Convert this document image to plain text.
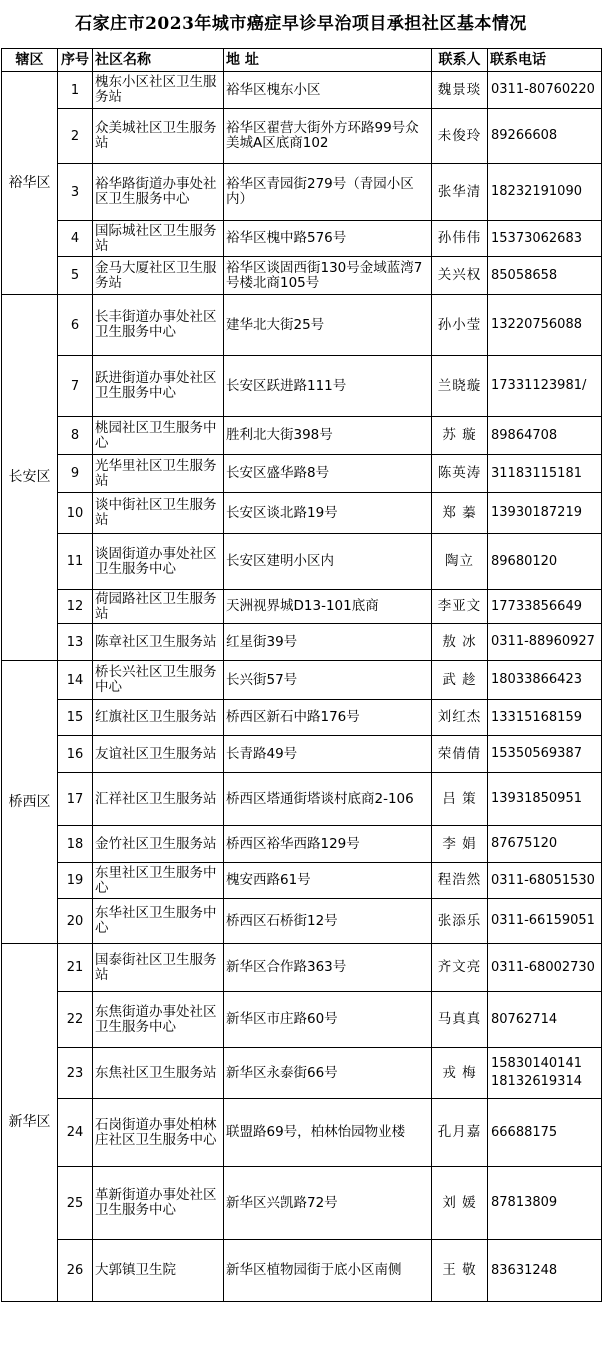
石家庄市2023年城市癌症早诊早治项目承担社区基本情况
辖区	序号	社区名称	地 址	联系人	联系电话
裕华区	1	槐东小区社区卫生服务站	裕华区槐东小区	魏景琰	0311-80760220
	2	众美城社区卫生服务站	裕华区翟营大街外方环路99号众美城A区底商102	未俊玲	89266608
	3	裕华路街道办事处社区卫生服务中心	裕华区青园街279号（青园小区内）	张华清	18232191090
	4	国际城社区卫生服务站	裕华区槐中路576号	孙伟伟	15373062683
	5	金马大厦社区卫生服务站	裕华区谈固西街130号金域蓝湾7号楼北商105号	关兴权	85058658
长安区	6	长丰街道办事处社区卫生服务中心	建华北大街25号	孙小莹	13220756088
	7	跃进街道办事处社区卫生服务中心	长安区跃进路111号	兰晓璇	17331123981/
	8	桃园社区卫生服务中心	胜利北大街398号	苏 璇	89864708
	9	光华里社区卫生服务站	长安区盛华路8号	陈英涛	31183115181
	10	谈中街社区卫生服务站	长安区谈北路19号	郑 蓁	13930187219
	11	谈固街道办事处社区卫生服务中心	长安区建明小区内	陶立	89680120
	12	荷园路社区卫生服务站	天洲视界城D13-101底商	李亚文	17733856649
	13	陈章社区卫生服务站	红星街39号	敖 冰	0311-88960927
桥西区	14	桥长兴社区卫生服务中心	长兴街57号	武 趁	18033866423
	15	红旗社区卫生服务站	桥西区新石中路176号	刘红杰	13315168159
	16	友谊社区卫生服务站	长青路49号	荣倩倩	15350569387
	17	汇祥社区卫生服务站	桥西区塔通街塔谈村底商2-106	吕 策	13931850951
	18	金竹社区卫生服务站	桥西区裕华西路129号	李 娟	87675120
	19	东里社区卫生服务中心	槐安西路61号	程浩然	0311-68051530
	20	东华社区卫生服务中心	桥西区石桥街12号	张添乐	0311-66159051
新华区	21	国泰街社区卫生服务站	新华区合作路363号	齐文亮	0311-68002730
	22	东焦街道办事处社区卫生服务中心	新华区市庄路60号	马真真	80762714
	23	东焦社区卫生服务站	新华区永泰街66号	戎 梅	15830140141
18132619314
	24	石岗街道办事处柏林庄社区卫生服务中心	联盟路69号，柏林怡园物业楼	孔月嘉	66688175
	25	革新街道办事处社区卫生服务中心	新华区兴凯路72号	刘 媛	87813809
	26	大郭镇卫生院	新华区植物园街于底小区南侧	王 敬	83631248
